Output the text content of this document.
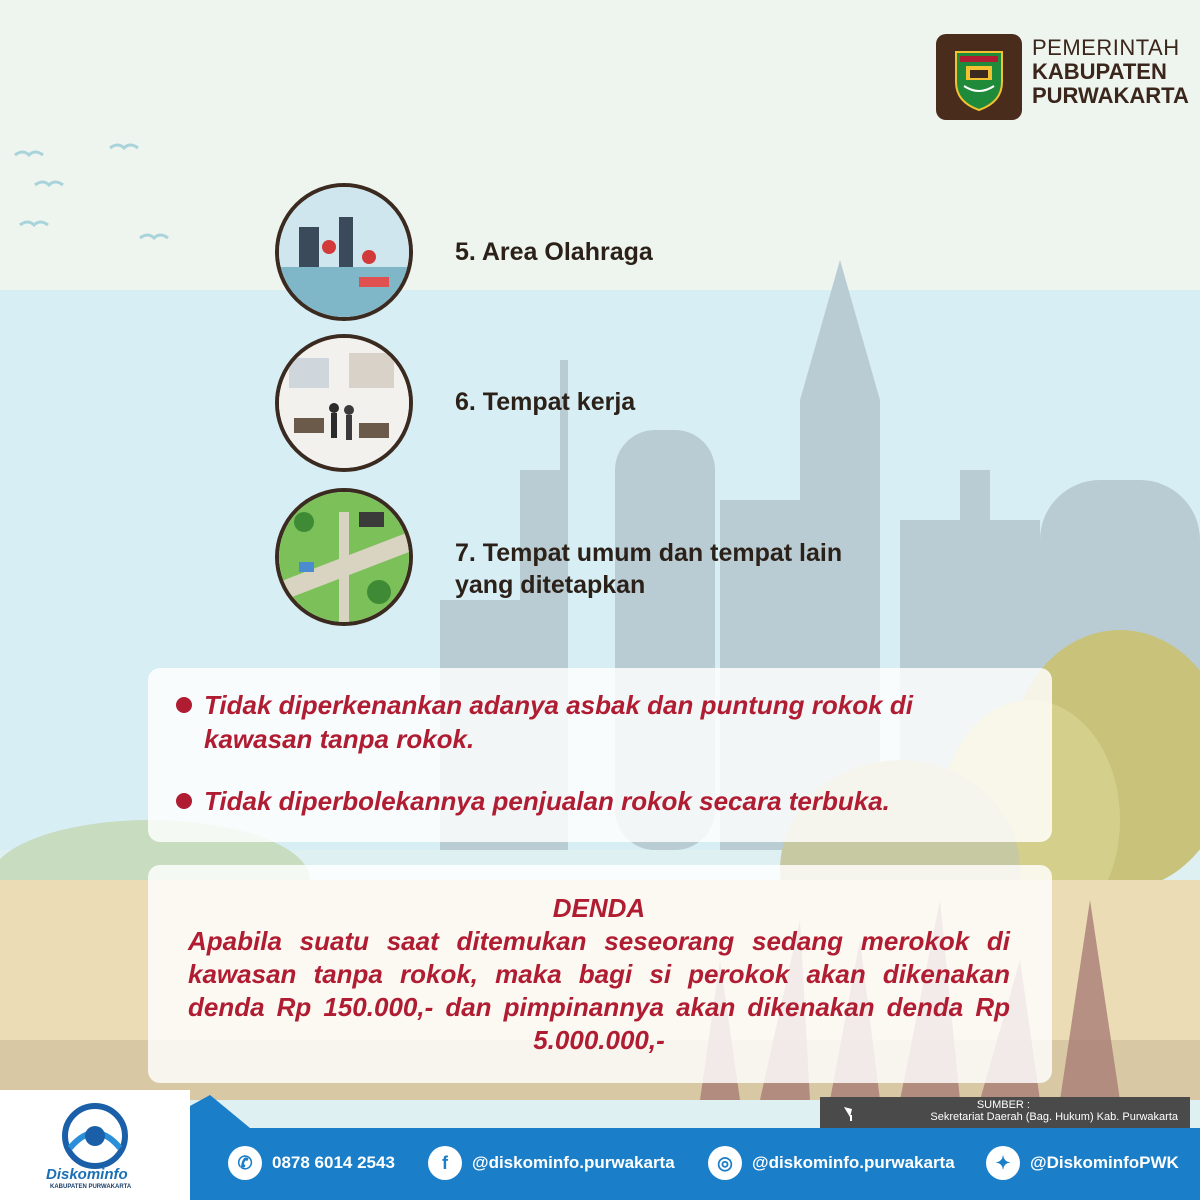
PEMERINTAH
KABUPATEN
PURWAKARTA
5. Area Olahraga
6. Tempat kerja
7. Tempat umum dan tempat lain
yang ditetapkan
Tidak diperkenankan adanya asbak dan puntung rokok di
kawasan tanpa rokok.
Tidak diperbolekannya penjualan rokok secara terbuka.
DENDA
Apabila suatu saat ditemukan seseorang sedang merokok di kawasan tanpa rokok, maka bagi si perokok akan dikenakan denda Rp 150.000,- dan pimpinannya akan dikenakan denda Rp 5.000.000,-
SUMBER :
Sekretariat Daerah (Bag. Hukum) Kab. Purwakarta
Diskominfo
KABUPATEN PURWAKARTA
✆	0878 6014 2543	f	@diskominfo.purwakarta	◎	@diskominfo.purwakarta	✦	@DiskominfoPWK
